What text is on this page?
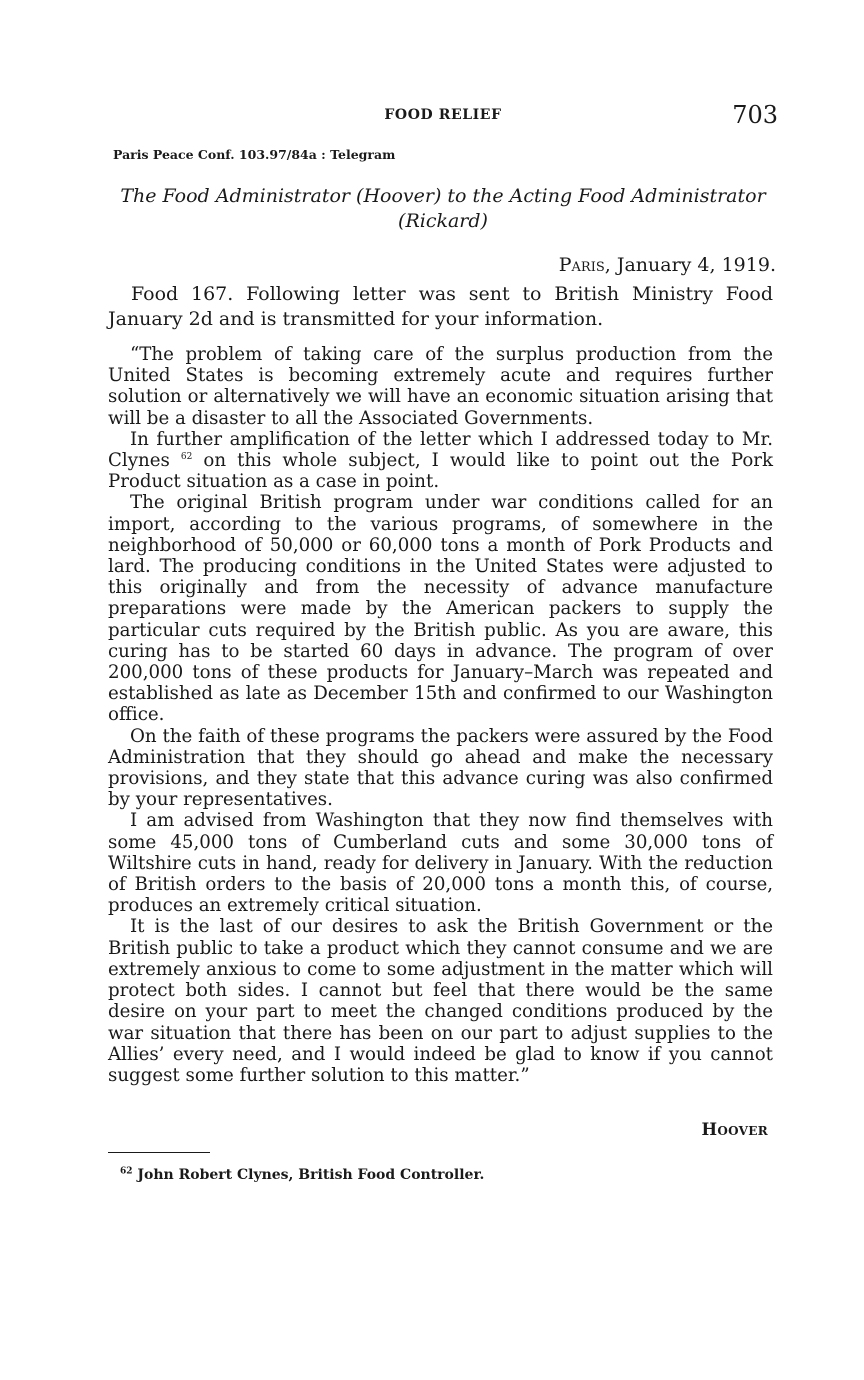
FOOD RELIEF	703
Paris Peace Conf. 103.97/84a : Telegram
The Food Administrator (Hoover) to the Acting Food Administrator
(Rickard)
Paris, January 4, 1919.

Food 167. Following letter was sent to British Ministry Food January 2d and is transmitted for your information.

“The problem of taking care of the surplus production from the United States is becoming extremely acute and requires further solution or alternatively we will have an economic situation arising that will be a disaster to all the Associated Governments.

In further amplification of the letter which I addressed today to Mr. Clynes $^{62}$ on this whole subject, I would like to point out the Pork Product situation as a case in point.

The original British program under war conditions called for an import, according to the various programs, of somewhere in the neighborhood of 50,000 or 60,000 tons a month of Pork Products and lard. The producing conditions in the United States were adjusted to this originally and from the necessity of advance manufacture preparations were made by the American packers to supply the particular cuts required by the British public. As you are aware, this curing has to be started 60 days in advance. The program of over 200,000 tons of these products for January–March was repeated and established as late as December 15th and confirmed to our Washington office.

On the faith of these programs the packers were assured by the Food Administration that they should go ahead and make the necessary provisions, and they state that this advance curing was also confirmed by your representatives.

I am advised from Washington that they now find themselves with some 45,000 tons of Cumberland cuts and some 30,000 tons of Wiltshire cuts in hand, ready for delivery in January. With the reduction of British orders to the basis of 20,000 tons a month this, of course, produces an extremely critical situation.

It is the last of our desires to ask the British Government or the British public to take a product which they cannot consume and we are extremely anxious to come to some adjustment in the matter which will protect both sides. I cannot but feel that there would be the same desire on your part to meet the changed conditions produced by the war situation that there has been on our part to adjust supplies to the Allies’ every need, and I would indeed be glad to know if you cannot suggest some further solution to this matter.”

Hoover
$^{62}$ John Robert Clynes, British Food Controller.
